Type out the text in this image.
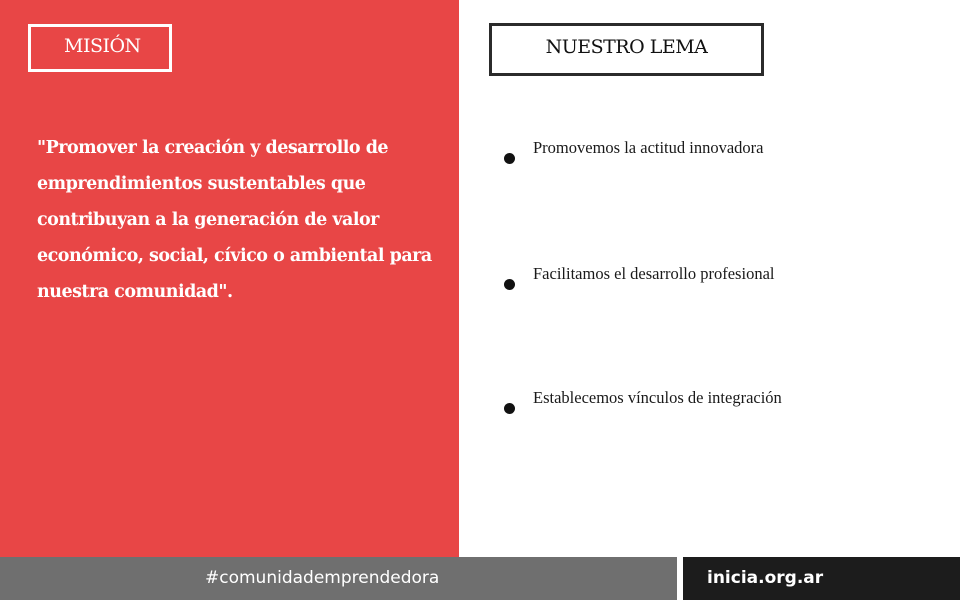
MISIÓN

"Promover la creación y desarrollo de emprendimientos sustentables que contribuyan a la generación de valor económico, social, cívico o ambiental para nuestra comunidad".

NUESTRO LEMA
Promovemos la actitud innovadora
Facilitamos el desarrollo profesional
Establecemos vínculos de integración
#comunidademprendedora	inicia.org.ar
